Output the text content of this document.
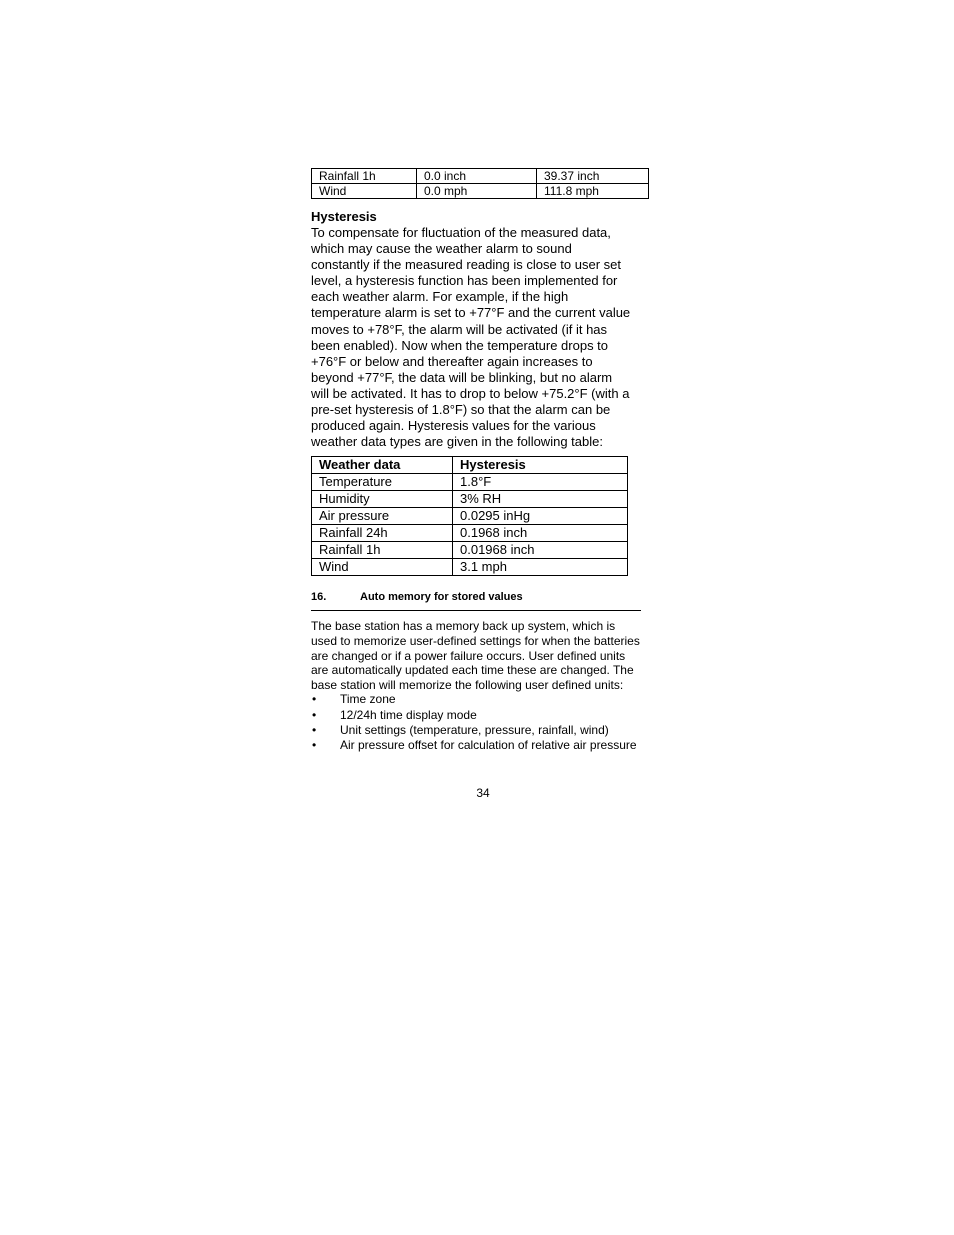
Rainfall 1h	0.0 inch	39.37 inch
Wind	0.0 mph	111.8 mph
Hysteresis

To compensate for fluctuation of the measured data,
which may cause the weather alarm to sound
constantly if the measured reading is close to user set
level, a hysteresis function has been implemented for
each weather alarm. For example, if the high
temperature alarm is set to +77°F and the current value
moves to +78°F, the alarm will be activated (if it has
been enabled). Now when the temperature drops to
+76°F or below and thereafter again increases to
beyond +77°F, the data will be blinking, but no alarm
will be activated. It has to drop to below +75.2°F (with a
pre-set hysteresis of 1.8°F) so that the alarm can be
produced again. Hysteresis values for the various
weather data types are given in the following table:

Weather data	Hysteresis
Temperature	1.8°F
Humidity	3% RH
Air pressure	0.0295 inHg
Rainfall 24h	0.1968 inch
Rainfall 1h	0.01968 inch
Wind	3.1 mph
16.	Auto memory for stored values

The base station has a memory back up system, which is
used to memorize user-defined settings for when the batteries
are changed or if a power failure occurs. User defined units
are automatically updated each time these are changed. The
base station will memorize the following user defined units:

•	Time zone
•	12/24h time display mode
•	Unit settings (temperature, pressure, rainfall, wind)
•	Air pressure offset for calculation of relative air pressure
34
